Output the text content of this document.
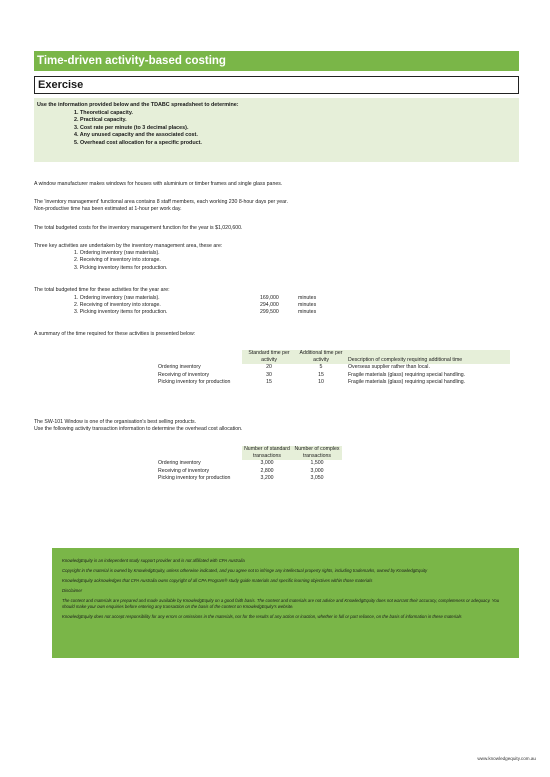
Time-driven activity-based costing
Exercise
Use the information provided below and the TDABC spreadsheet to determine:
1. Theoretical capacity.
2. Practical capacity.
3. Cost rate per minute (to 3 decimal places).
4. Any unused capacity and the associated cost.
5. Overhead cost allocation for a specific product.
A window manufacturer makes windows for houses with aluminium or timber frames and single glass panes.
The 'inventory management' functional area contains 8 staff members, each working 230 8-hour days per year.
Non-productive time has been estimated at 1-hour per work day.
The total budgeted costs for the inventory management function for the year is $1,020,600.
Three key activities are undertaken by the inventory management area, these are:
1. Ordering inventory (raw materials).
2. Receiving of inventory into storage.
3. Picking inventory items for production.
The total budgeted time for these activities for the year are:
1. Ordering inventory (raw materials).	169,000	minutes
2. Receiving of inventory into storage.	294,000	minutes
3. Picking inventory items for production.	299,500	minutes
A summary of the time required for these activities is presented below:
	Standard time per activity	Additional time per activity	Description of complexity requiring additional time
Ordering inventory	20	5	Overseas supplier rather than local.
Receiving of inventory	30	15	Fragile materials (glass) requiring special handling.
Picking inventory for production	15	10	Fragile materials (glass) requiring special handling.
The SW-101 Window is one of the organisation's best selling products.
Use the following activity transaction information to determine the overhead cost allocation.
	Number of standard transactions	Number of complex transactions
Ordering inventory	3,000	1,500
Receiving of inventory	2,800	3,000
Picking inventory for production	3,200	3,050

KnowledgEquity is an independent study support provider and is not affiliated with CPA Australia

Copyright in the material is owned by KnowledgEquity, unless otherwise indicated, and you agree not to infringe any intellectual property rights, including trademarks, owned by KnowledgEquity

KnowledgEquity acknowledges that CPA Australia owns copyright of all CPA Program® study guide materials and specific learning objectives within those materials

Disclaimer

The content and materials are prepared and made available by KnowledgEquity on a good faith basis. The content and materials are not advice and KnowledgEquity does not warrant their accuracy, completeness or adequacy. You should make your own enquiries before entering any transaction on the basis of the content on KnowledgEquity's website.

KnowledgEquity does not accept responsibility for any errors or omissions in the materials, nor for the results of any action or inaction, whether in full or part reliance, on the basis of information in these materials

www.knowledgequity.com.au
